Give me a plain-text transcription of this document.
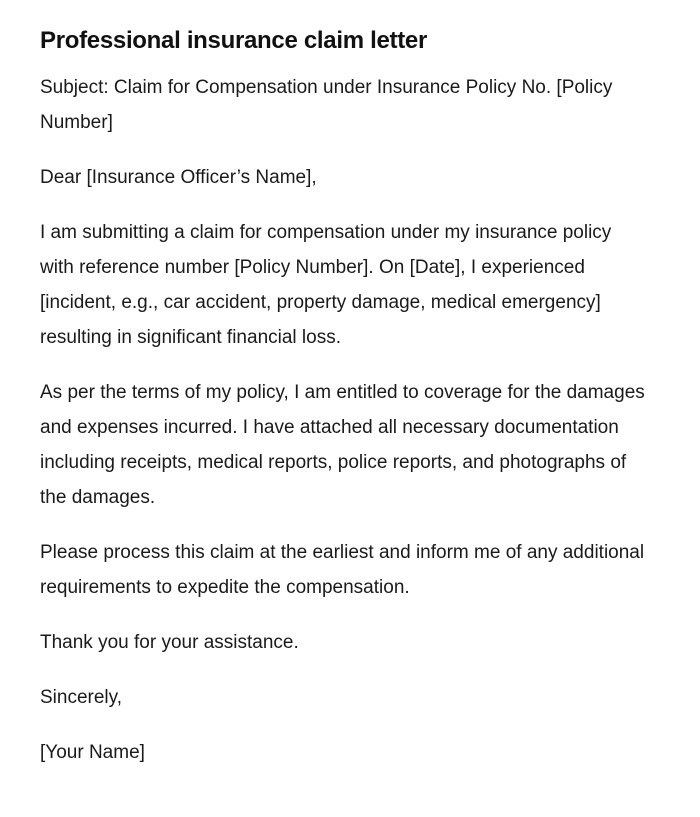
Professional insurance claim letter

Subject: Claim for Compensation under Insurance Policy No. [Policy Number]

Dear [Insurance Officer’s Name],

I am submitting a claim for compensation under my insurance policy with reference number [Policy Number]. On [Date], I experienced [incident, e.g., car accident, property damage, medical emergency] resulting in significant financial loss.

As per the terms of my policy, I am entitled to coverage for the damages and expenses incurred. I have attached all necessary documentation including receipts, medical reports, police reports, and photographs of the damages.

Please process this claim at the earliest and inform me of any additional requirements to expedite the compensation.

Thank you for your assistance.

Sincerely,

[Your Name]
